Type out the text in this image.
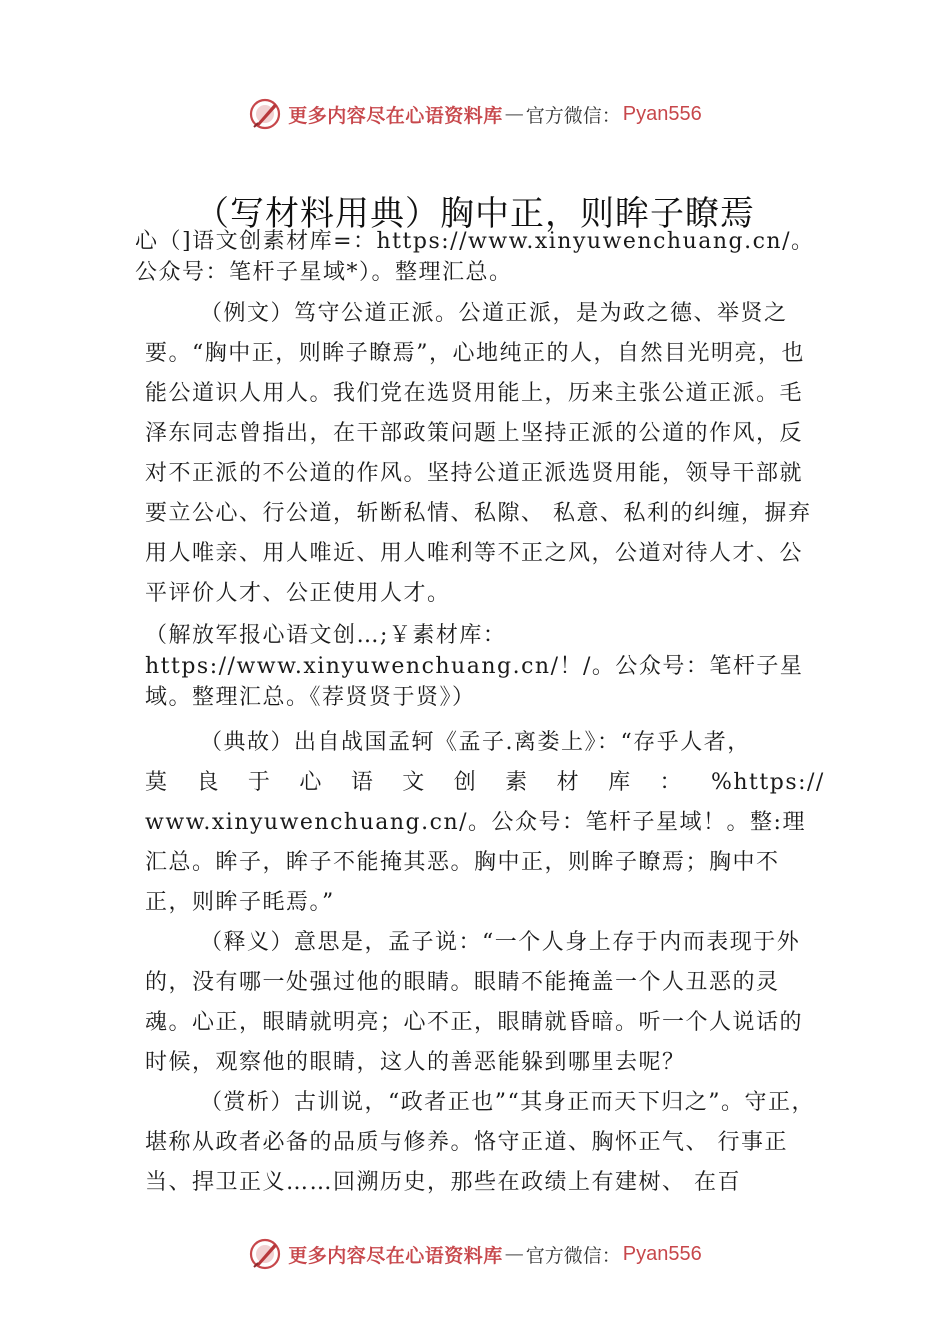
更多内容尽在心语资料库 — 官方微信： Pyan556
（写材料用典）胸中正，则眸子瞭焉

心（]语文创素材库=：https://www.xinyuwenchuang.cn/。公众号：笔杆子星域*）。整理汇总。

（例文）笃守公道正派。公道正派，是为政之德、举贤之要。“胸中正，则眸子瞭焉”，心地纯正的人，自然目光明亮，也能公道识人用人。我们党在选贤用能上，历来主张公道正派。毛泽东同志曾指出，在干部政策问题上坚持正派的公道的作风，反对不正派的不公道的作风。坚持公道正派选贤用能，领导干部就要立公心、行公道，斩断私情、私隙、 私意、私利的纠缠，摒弃用人唯亲、用人唯近、用人唯利等不正之风，公道对待人才、公平评价人才、公正使用人才。

（解放军报心语文创…;￥素材库：https://www.xinyuwenchuang.cn/！/。公众号：笔杆子星域。整理汇总。《荐贤贤于贤》）

（典故）出自战国孟轲《孟子.离娄上》：“存乎人者，

莫 良 于 心 语 文 创 素 材 库 ： %https://

www.xinyuwenchuang.cn/。公众号：笔杆子星域！。整:理汇总。眸子，眸子不能掩其恶。胸中正，则眸子瞭焉；胸中不正，则眸子眊焉。”

（释义）意思是，孟子说：“一个人身上存于内而表现于外的，没有哪一处强过他的眼睛。眼睛不能掩盖一个人丑恶的灵魂。心正，眼睛就明亮；心不正，眼睛就昏暗。听一个人说话的时候，观察他的眼睛，这人的善恶能躲到哪里去呢？

（赏析）古训说，“政者正也”“其身正而天下归之”。守正，堪称从政者必备的品质与修养。恪守正道、胸怀正气、 行事正当、捍卫正义……回溯历史，那些在政绩上有建树、 在百

更多内容尽在心语资料库 — 官方微信： Pyan556
